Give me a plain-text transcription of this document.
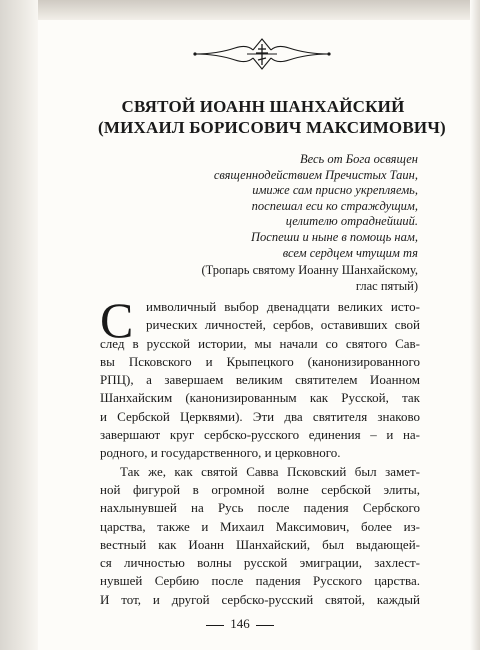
СВЯТОЙ ИОАНН ШАНХАЙСКИЙ
(МИХАИЛ БОРИСОВИЧ МАКСИМОВИЧ)
Весь от Бога освящен
священнодействием Пречистых Таин,
имиже сам присно укрепляемь,
поспешал еси ко страждущим,
целителю отраднейший.
Поспеши и ныне в помощь нам,
всем сердцем чтущим тя
(Тропарь святому Иоанну Шанхайскому,
глас пятый)
С имволичный выбор двенадцати великих исто-
рических личностей, сербов, оставивших свой
след в русской истории, мы начали со святого Сав-
вы Псковского и Крыпецкого (канонизированного
РПЦ), а завершаем великим святителем Иоанном
Шанхайским (канонизированным как Русской, так
и Сербской Церквями). Эти два святителя знаково
завершают круг сербско-русского единения – и на-
родного, и государственного, и церковного.
Так же, как святой Савва Псковский был замет-
ной фигурой в огромной волне сербской элиты,
нахлынувшей на Русь после падения Сербского
царства, также и Михаил Максимович, более из-
вестный как Иоанн Шанхайский, был выдающей-
ся личностью волны русской эмиграции, захлест-
нувшей Сербию после падения Русского царства.
И тот, и другой сербско-русский святой, каждый
146
